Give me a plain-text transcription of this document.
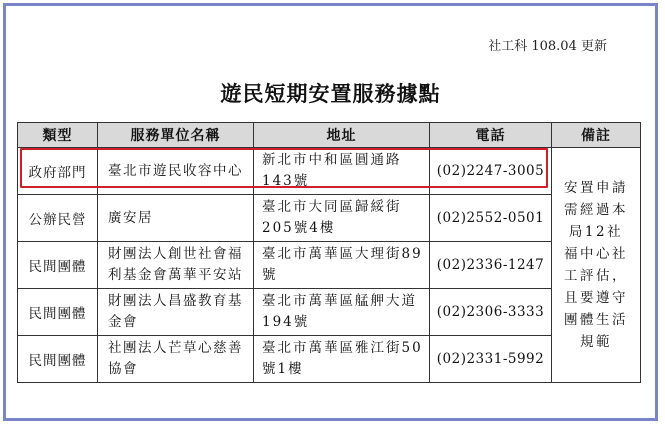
社工科 108.04 更新
遊民短期安置服務據點
類型	服務單位名稱	地址	電話	備註
政府部門	臺北市遊民收容中心	新北市中和區圓通路143號	(02)2247-3005	安置申請需經過本局12社福中心社工評估，且要遵守團體生活規範
公辦民營	廣安居	臺北市大同區歸綏街205號4樓	(02)2552-0501	
民間團體	財團法人創世社會福利基金會萬華平安站	臺北市萬華區大理街89號	(02)2336-1247	
民間團體	財團法人昌盛教育基金會	臺北市萬華區艋舺大道194號	(02)2306-3333	
民間團體	社團法人芒草心慈善協會	臺北市萬華區雅江街50號1樓	(02)2331-5992	
